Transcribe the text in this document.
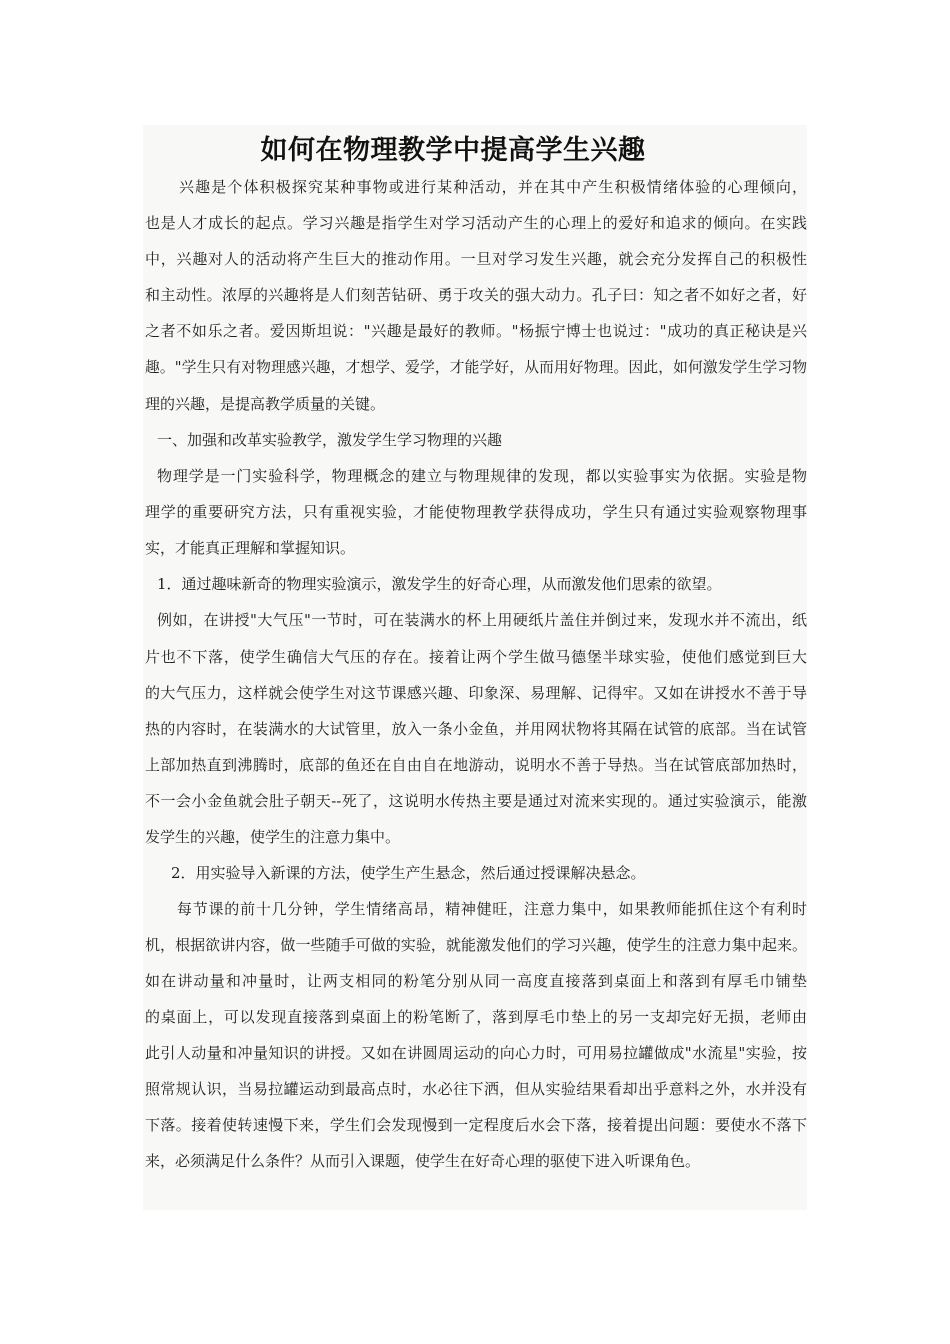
如何在物理教学中提高学生兴趣
兴趣是个体积极探究某种事物或进行某种活动，并在其中产生积极情绪体验的心理倾向，
也是人才成长的起点。学习兴趣是指学生对学习活动产生的心理上的爱好和追求的倾向。在实践
中，兴趣对人的活动将产生巨大的推动作用。一旦对学习发生兴趣，就会充分发挥自己的积极性
和主动性。浓厚的兴趣将是人们刻苦钻研、勇于攻关的强大动力。孔子曰：知之者不如好之者，好
之者不如乐之者。爱因斯坦说："兴趣是最好的教师。"杨振宁博士也说过："成功的真正秘诀是兴
趣。"学生只有对物理感兴趣，才想学、爱学，才能学好，从而用好物理。因此，如何激发学生学习物
理的兴趣，是提高教学质量的关键。
一、加强和改革实验教学，激发学生学习物理的兴趣
物理学是一门实验科学，物理概念的建立与物理规律的发现，都以实验事实为依据。实验是物
理学的重要研究方法，只有重视实验，才能使物理教学获得成功，学生只有通过实验观察物理事
实，才能真正理解和掌握知识。
1．通过趣味新奇的物理实验演示，激发学生的好奇心理，从而激发他们思索的欲望。
例如，在讲授"大气压"一节时，可在装满水的杯上用硬纸片盖住并倒过来，发现水并不流出，纸
片也不下落，使学生确信大气压的存在。接着让两个学生做马德堡半球实验，使他们感觉到巨大
的大气压力，这样就会使学生对这节课感兴趣、印象深、易理解、记得牢。又如在讲授水不善于导
热的内容时，在装满水的大试管里，放入一条小金鱼，并用网状物将其隔在试管的底部。当在试管
上部加热直到沸腾时，底部的鱼还在自由自在地游动，说明水不善于导热。当在试管底部加热时，
不一会小金鱼就会肚子朝天--死了，这说明水传热主要是通过对流来实现的。通过实验演示，能激
发学生的兴趣，使学生的注意力集中。
2．用实验导入新课的方法，使学生产生悬念，然后通过授课解决悬念。
每节课的前十几分钟，学生情绪高昂，精神健旺，注意力集中，如果教师能抓住这个有利时
机，根据欲讲内容，做一些随手可做的实验，就能激发他们的学习兴趣，使学生的注意力集中起来。
如在讲动量和冲量时，让两支相同的粉笔分别从同一高度直接落到桌面上和落到有厚毛巾铺垫
的桌面上，可以发现直接落到桌面上的粉笔断了，落到厚毛巾垫上的另一支却完好无损，老师由
此引人动量和冲量知识的讲授。又如在讲圆周运动的向心力时，可用易拉罐做成"水流星"实验，按
照常规认识，当易拉罐运动到最高点时，水必往下洒，但从实验结果看却出乎意料之外，水并没有
下落。接着使转速慢下来，学生们会发现慢到一定程度后水会下落，接着提出问题：要使水不落下
来，必须满足什么条件？从而引入课题，使学生在好奇心理的驱使下进入听课角色。
